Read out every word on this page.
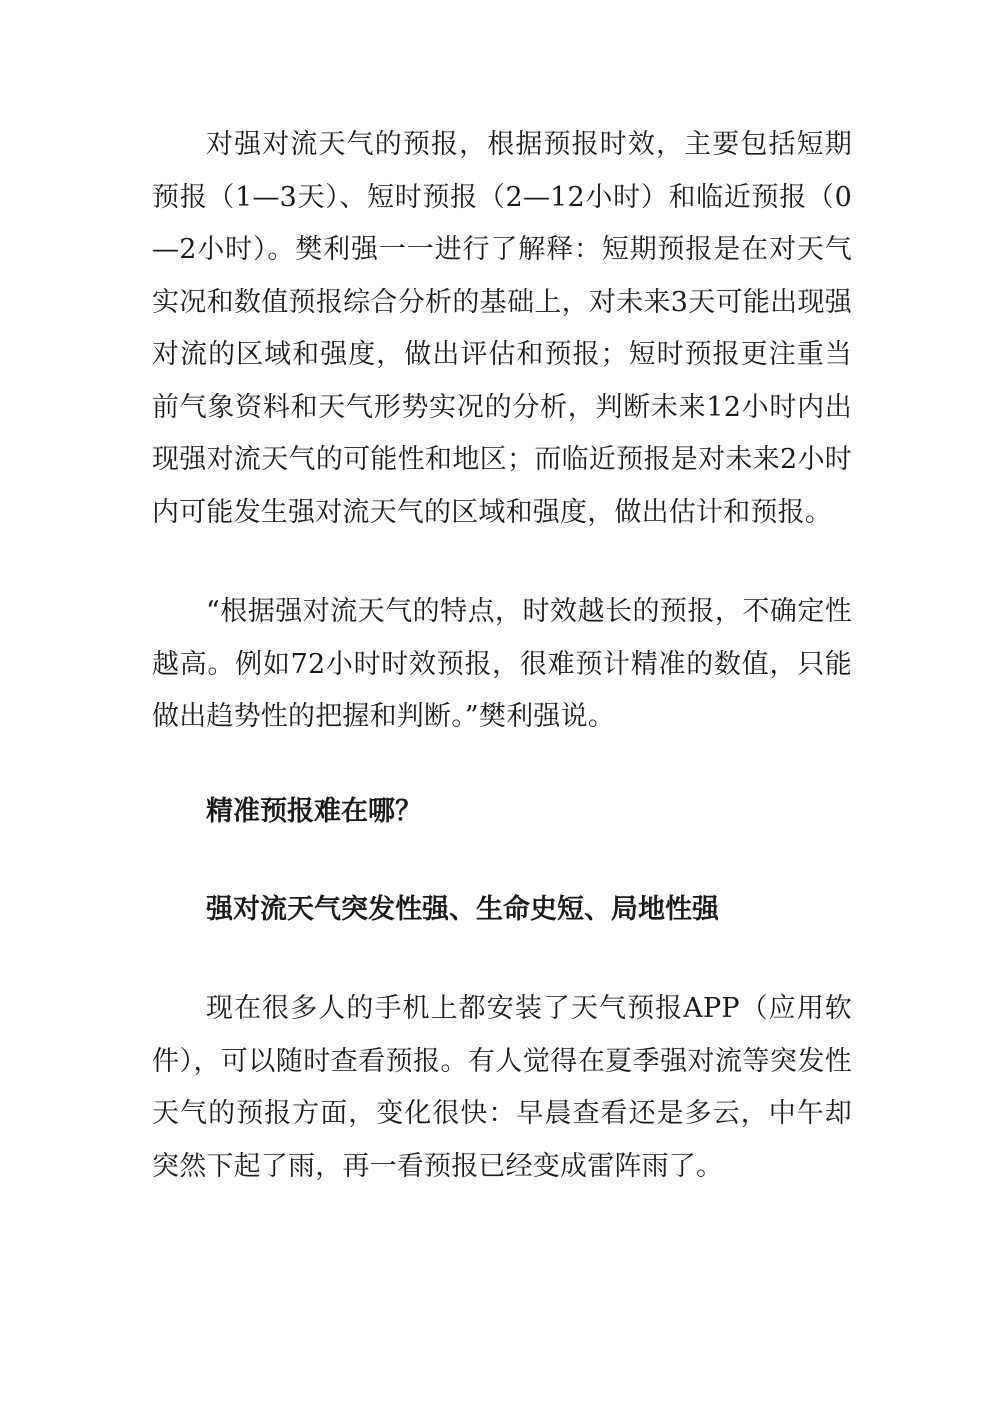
对强对流天气的预报，根据预报时效，主要包括短期预报（1—3天）、短时预报（2—12小时）和临近预报（0—2小时）。樊利强一一进行了解释：短期预报是在对天气实况和数值预报综合分析的基础上，对未来3天可能出现强对流的区域和强度，做出评估和预报；短时预报更注重当前气象资料和天气形势实况的分析，判断未来12小时内出现强对流天气的可能性和地区；而临近预报是对未来2小时内可能发生强对流天气的区域和强度，做出估计和预报。

“根据强对流天气的特点，时效越长的预报，不确定性越高。例如72小时时效预报，很难预计精准的数值，只能做出趋势性的把握和判断。”樊利强说。

精准预报难在哪？

强对流天气突发性强、生命史短、局地性强

现在很多人的手机上都安装了天气预报APP（应用软件），可以随时查看预报。有人觉得在夏季强对流等突发性天气的预报方面，变化很快：早晨查看还是多云，中午却突然下起了雨，再一看预报已经变成雷阵雨了。
